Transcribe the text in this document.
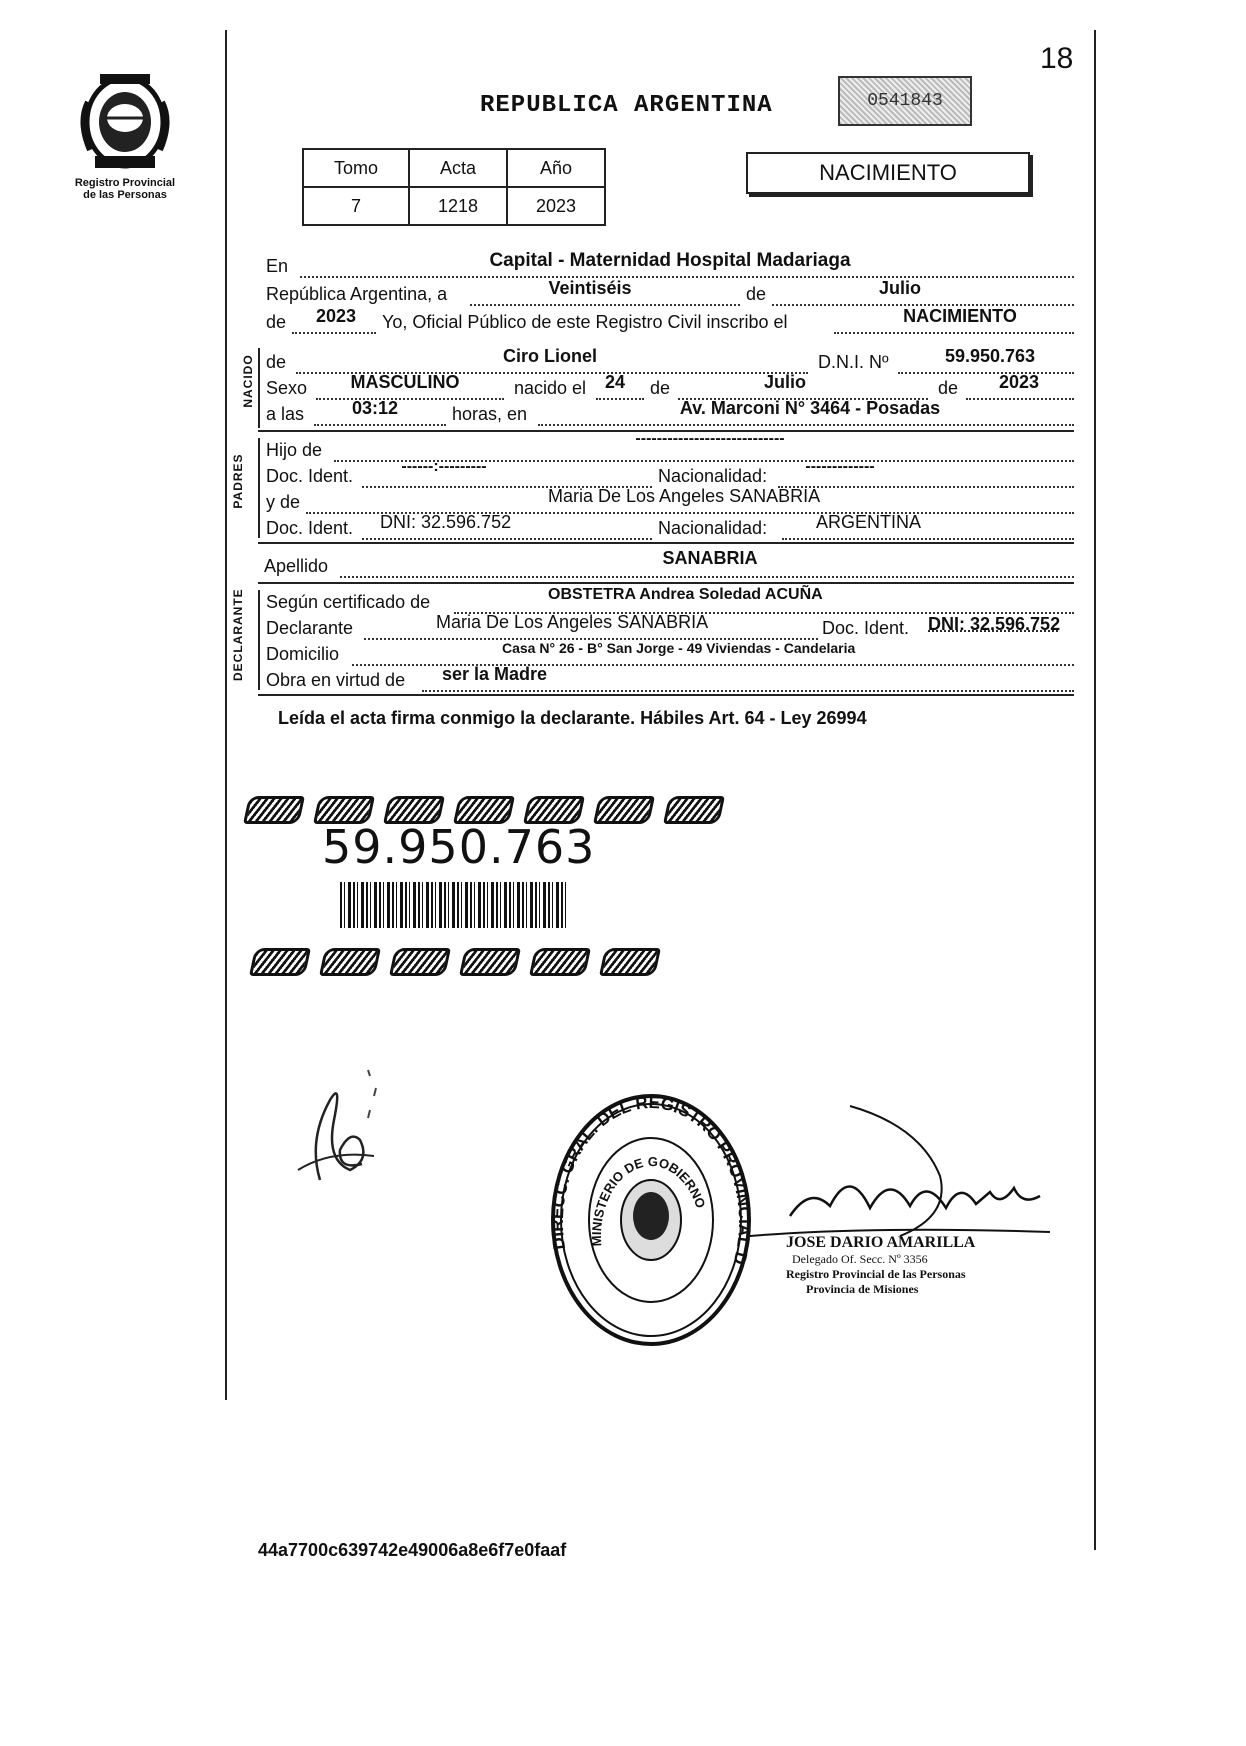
18
Registro Provincial
de las Personas
REPUBLICA ARGENTINA	0541843
Tomo	Acta	Año
7	1218	2023
NACIMIENTO
En	Capital - Maternidad Hospital Madariaga
República Argentina, a	Veintiséis	de	Julio
de	2023	Yo, Oficial Público de este Registro Civil inscribo el	NACIMIENTO
NACIDO de	Ciro Lionel	D.N.I. Nº	59.950.763
Sexo	MASCULINO	nacido el 24 de	Julio	de	2023
a las	03:12	horas, en	Av. Marconi N° 3464 - Posadas
PADRES
Hijo de
----------------------------
Doc. Ident.	------:---------	Nacionalidad:	-------------
y de	Maria De Los Angeles SANABRIA
Doc. Ident. DNI: 32.596.752	Nacionalidad:	ARGENTINA
Apellido	SANABRIA
DECLARANTE Según certificado de	OBSTETRA Andrea Soledad ACUÑA
Declarante	Maria De Los Angeles SANABRIA	Doc. Ident. DNI: 32.596.752
Domicilio	Casa N° 26 - B° San Jorge - 49 Viviendas - Candelaria
Obra en virtud de ser la Madre
Leída el acta firma conmigo la declarante. Hábiles Art. 64 - Ley 26994
59.950.763
DIRECC. GRAL. DEL REGISTRO PROVINCIAL D
MINISTERIO DE GOBIERNO
JOSE DARIO AMARILLA
Delegado Of. Secc. Nº 3356
Registro Provincial de las Personas
Provincia de Misiones
44a7700c639742e49006a8e6f7e0faaf
